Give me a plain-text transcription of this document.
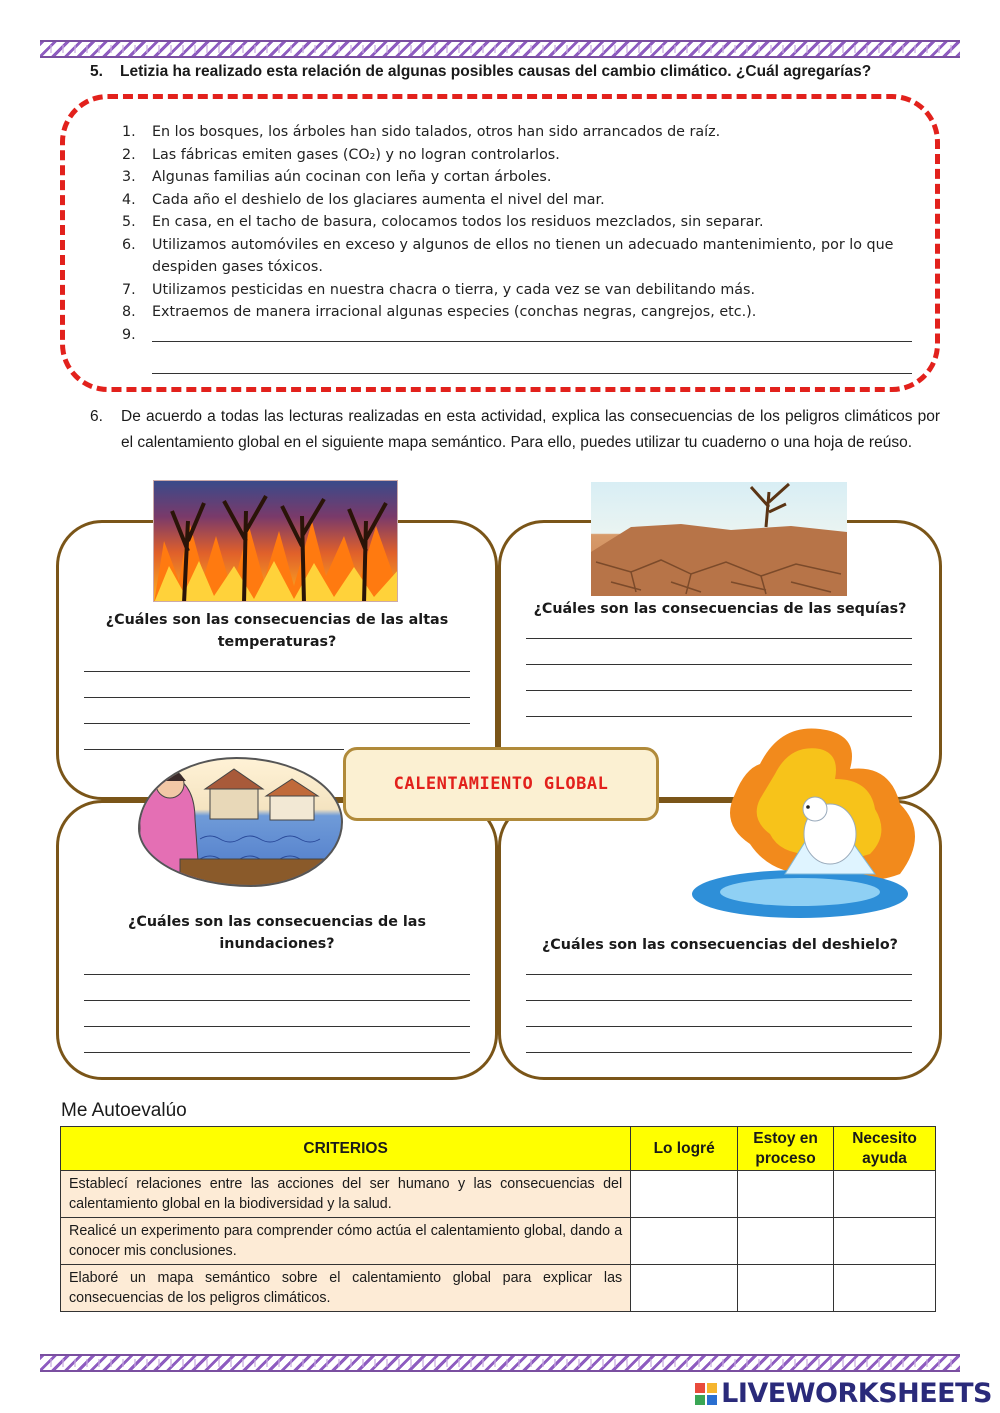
5. Letizia ha realizado esta relación de algunas posibles causas del cambio climático. ¿Cuál agregarías?
1.	En los bosques, los árboles han sido talados, otros han sido arrancados de raíz.
2.	Las fábricas emiten gases (CO₂) y no logran controlarlos.
3.	Algunas familias aún cocinan con leña y cortan árboles.
4.	Cada año el deshielo de los glaciares aumenta el nivel del mar.
5.	En casa, en el tacho de basura, colocamos todos los residuos mezclados, sin separar.
6.	Utilizamos automóviles en exceso y algunos de ellos no tienen un adecuado mantenimiento, por lo que despiden gases tóxicos.
7.	Utilizamos pesticidas en nuestra chacra o tierra, y cada vez se van debilitando más.
8.	Extraemos de manera irracional algunas especies (conchas negras, cangrejos, etc.).
9.
6. De acuerdo a todas las lecturas realizadas en esta actividad, explica las consecuencias de los peligros climáticos por el calentamiento global en el siguiente mapa semántico. Para ello, puedes utilizar tu cuaderno o una hoja de reúso.
¿Cuáles son las consecuencias de las altas temperaturas?
¿Cuáles son las consecuencias de las sequías?
¿Cuáles son las consecuencias de las inundaciones?	¿Cuáles son las consecuencias del deshielo?
CALENTAMIENTO GLOBAL
Me Autoevalúo
CRITERIOS	Lo logré	Estoy en proceso	Necesito ayuda
Establecí relaciones entre las acciones del ser humano y las consecuencias del calentamiento global en la biodiversidad y la salud.			
Realicé un experimento para comprender cómo actúa el calentamiento global, dando a conocer mis conclusiones.			
Elaboré un mapa semántico sobre el calentamiento global para explicar las consecuencias de los peligros climáticos.			
LIVEWORKSHEETS
